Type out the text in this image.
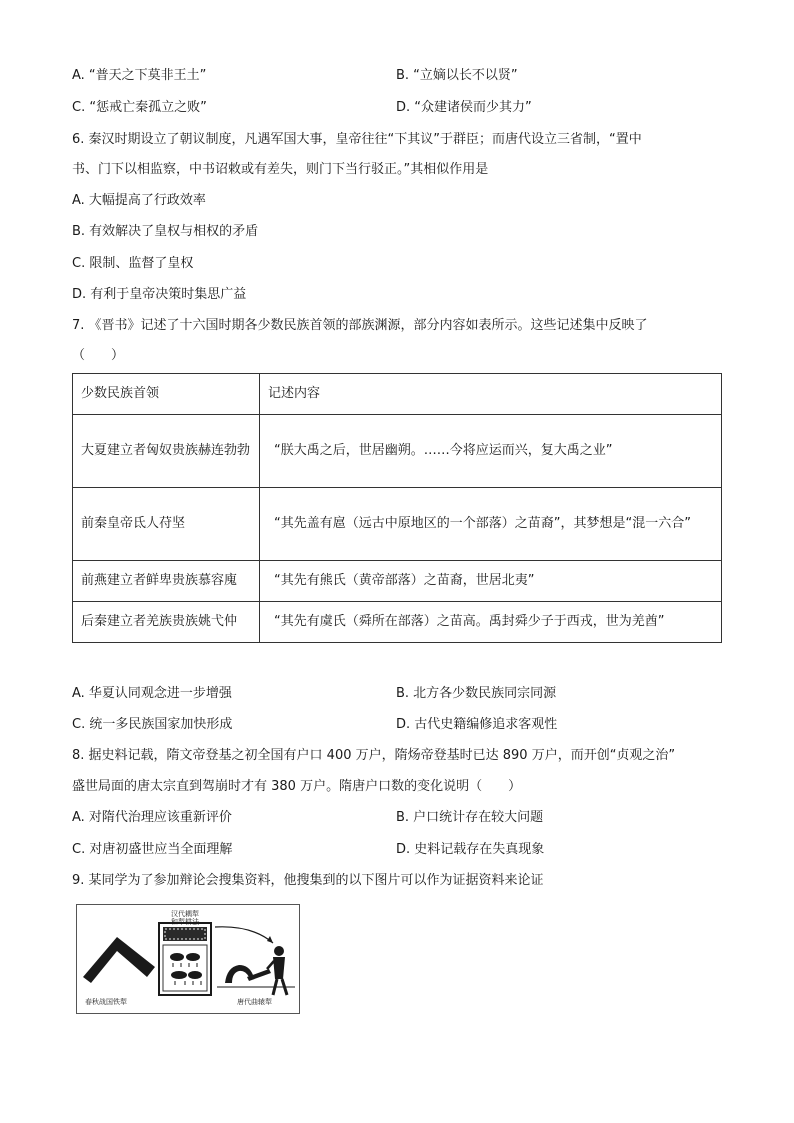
A. “普天之下莫非王土”	B. “立嫡以长不以贤”
C. “惩戒亡秦孤立之败”	D. “众建诸侯而少其力”
6. 秦汉时期设立了朝议制度，凡遇军国大事，皇帝往往“下其议”于群臣；而唐代设立三省制，“置中
书、门下以相监察，中书诏敕或有差失，则门下当行驳正。”其相似作用是
A. 大幅提高了行政效率
B. 有效解决了皇权与相权的矛盾
C. 限制、监督了皇权
D. 有利于皇帝决策时集思广益
7. 《晋书》记述了十六国时期各少数民族首领的部族渊源，部分内容如表所示。这些记述集中反映了
（　　）
少数民族首领	记述内容
大夏建立者匈奴贵族赫连勃勃	“朕大禹之后，世居幽朔。……今将应运而兴，复大禹之业”
前秦皇帝氐人苻坚	“其先盖有扈（远古中原地区的一个部落）之苗裔”，其梦想是“混一六合”
前燕建立者鲜卑贵族慕容廆	“其先有熊氏（黄帝部落）之苗裔，世居北夷”
后秦建立者羌族贵族姚弋仲	“其先有虞氏（舜所在部落）之苗高。禹封舜少子于西戎，世为羌酋”
A. 华夏认同观念进一步增强	B. 北方各少数民族同宗同源
C. 统一多民族国家加快形成	D. 古代史籍编修追求客观性
8. 据史料记载，隋文帝登基之初全国有户口 400 万户，隋炀帝登基时已达 890 万户，而开创“贞观之治”
盛世局面的唐太宗直到驾崩时才有 380 万户。隋唐户口数的变化说明（　　）
A. 对隋代治理应该重新评价	B. 户口统计存在较大问题
C. 对唐初盛世应当全面理解	D. 史料记载存在失真现象
9. 某同学为了参加辩论会搜集资料，他搜集到的以下图片可以作为证据资料来论证
汉代耦犁
和犁耕法
春秋战国铁犁	唐代曲辕犁
